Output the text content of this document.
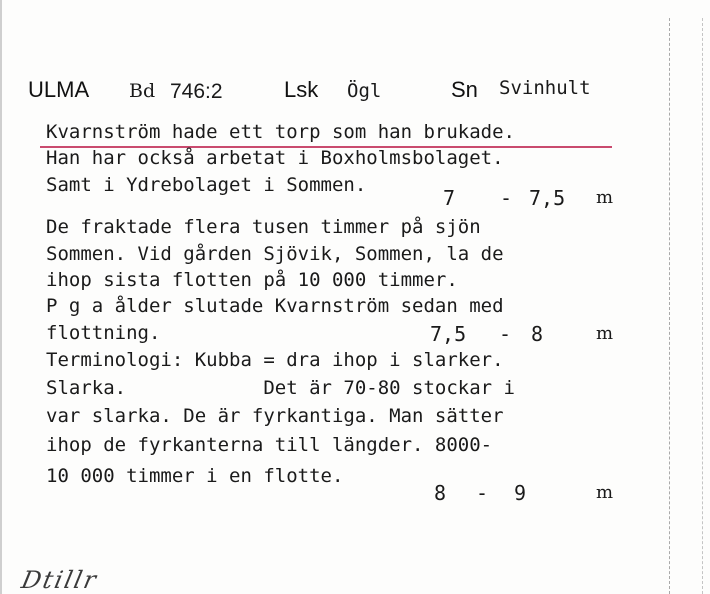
ULMA Bd 746:2	Lsk Ögl	Sn Svinhult
Kvarnström hade ett torp som han brukade.
Han har också arbetat i Boxholmsbolaget.
Samt i Ydrebolaget i Sommen.
De fraktade flera tusen timmer på sjön
Sommen. Vid gården Sjövik, Sommen, la de
ihop sista flotten på 10 000 timmer.
P g a ålder slutade Kvarnström sedan med
flottning.
Terminologi: Kubba = dra ihop i slarker.
Slarka.            Det är 70-80 stockar i
var slarka. De är fyrkantiga. Man sätter
ihop de fyrkanterna till längder. 8000-
10 000 timmer i en flotte.
7 - 7,5 m
7,5 - 8	m
8 - 9	m
Dtillr
